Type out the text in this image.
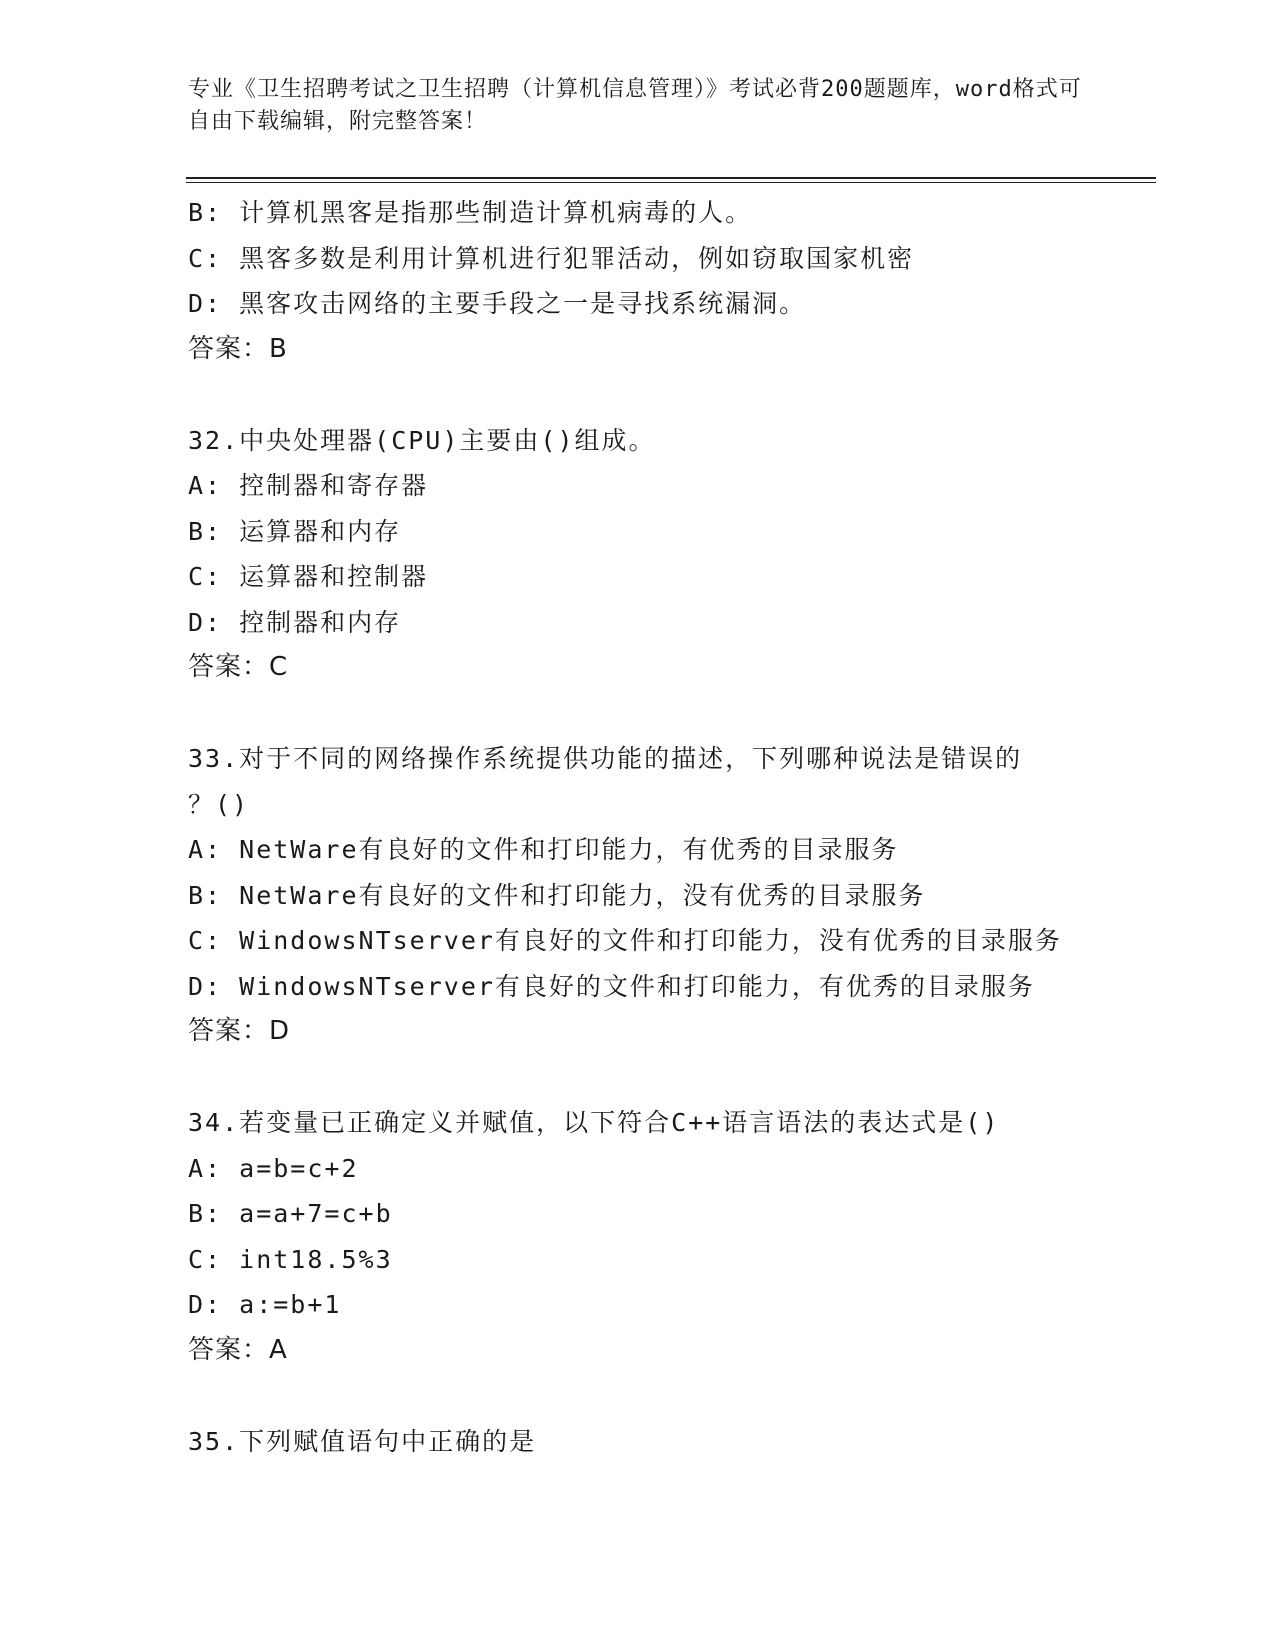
专业《卫生招聘考试之卫生招聘（计算机信息管理）》考试必背200题题库，word格式可自由下载编辑，附完整答案！
B: 计算机黑客是指那些制造计算机病毒的人。
C: 黑客多数是利用计算机进行犯罪活动，例如窃取国家机密
D: 黑客攻击网络的主要手段之一是寻找系统漏洞。
答案：B
32.中央处理器(CPU)主要由()组成。
A: 控制器和寄存器
B: 运算器和内存
C: 运算器和控制器
D: 控制器和内存
答案：C
33.对于不同的网络操作系统提供功能的描述，下列哪种说法是错误的
？()
A: NetWare有良好的文件和打印能力，有优秀的目录服务
B: NetWare有良好的文件和打印能力，没有优秀的目录服务
C: WindowsNTserver有良好的文件和打印能力，没有优秀的目录服务
D: WindowsNTserver有良好的文件和打印能力，有优秀的目录服务
答案：D
34.若变量已正确定义并赋值，以下符合C++语言语法的表达式是()
A: a=b=c+2
B: a=a+7=c+b
C: int18.5%3
D: a:=b+1
答案：A
35.下列赋值语句中正确的是
